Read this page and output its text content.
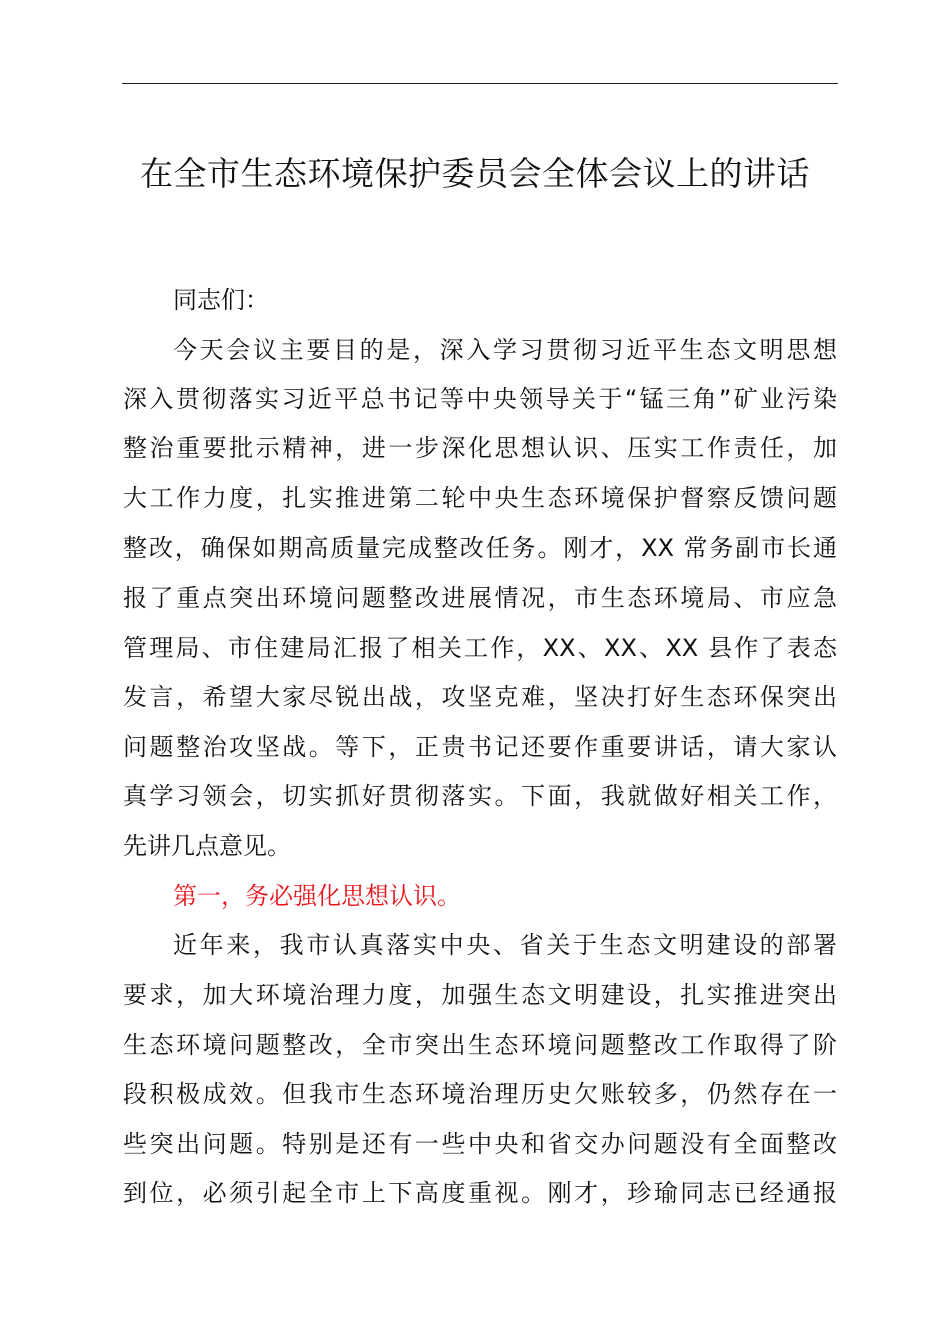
在全市生态环境保护委员会全体会议上的讲话
同志们：
今天会议主要目的是，深入学习贯彻习近平生态文明思想
深入贯彻落实习近平总书记等中央领导关于“锰三角”矿业污染
整治重要批示精神，进一步深化思想认识、压实工作责任，加
大工作力度，扎实推进第二轮中央生态环境保护督察反馈问题
整改，确保如期高质量完成整改任务。刚才，XX 常务副市长通
报了重点突出环境问题整改进展情况，市生态环境局、市应急
管理局、市住建局汇报了相关工作，XX、XX、XX 县作了表态
发言，希望大家尽锐出战，攻坚克难，坚决打好生态环保突出
问题整治攻坚战。等下，正贵书记还要作重要讲话，请大家认
真学习领会，切实抓好贯彻落实。下面，我就做好相关工作，
先讲几点意见。
第一，务必强化思想认识。
近年来，我市认真落实中央、省关于生态文明建设的部署
要求，加大环境治理力度，加强生态文明建设，扎实推进突出
生态环境问题整改，全市突出生态环境问题整改工作取得了阶
段积极成效。但我市生态环境治理历史欠账较多，仍然存在一
些突出问题。特别是还有一些中央和省交办问题没有全面整改
到位，必须引起全市上下高度重视。刚才，珍瑜同志已经通报
